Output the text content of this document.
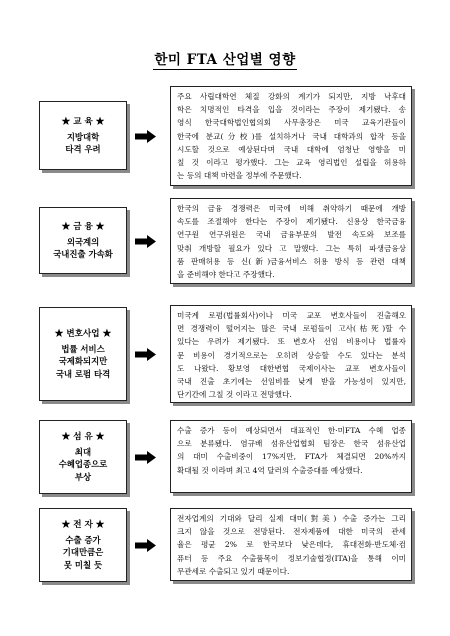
한미 FTA 산업별 영향
★ 교 육 ★
지방대학
타격 우려
주요 사립대학연 체질 강화의 계기가 되지만, 지방 낙후대
학은 치명적인 타격을 입을 것이라는 주장이 제기됐다. 송
영식 한국대학법인협의회 사무총장은 미국 교육기관들이
한국에 분교(分校)를 설치하거나 국내 대학과의 합작 등을
시도할 것으로 예상된다며 국내 대학에 엄청난 영향을 미
칠 것 이라고 평가했다. 그는 교육 영리법인 설립을 허용하
는 등의 대책 마련을 정부에 주문했다.
★ 금 융 ★
외국계의
국내진출 가속화
한국의 금융 경쟁력은 미국에 비해 취약하기 때문에 개방
속도를 조절해야 한다는 주장이 제기됐다. 신용상 한국금융
연구원 연구위원은 국내 금융부문의 발전 속도와 보조를
맞춰 개방할 필요가 있다 고 말했다. 그는 특히 파생금융상
품 판매허용 등 신(新)금융서비스 허용 방식 등 관련 대책
을 준비해야 한다고 주장했다.
★ 변호사업 ★
법률 서비스
국제화되지만
국내 로펌 타격
미국계 로펌(법률회사)이나 미국 교포 변호사들이 진출해오
면 경쟁력이 떨어지는 많은 국내 로펌들이 고사(枯死)할 수
있다는 우려가 제기됐다. 또 변호사 선임 비용이나 법률자
문 비용이 경기적으로는 오히려 상승할 수도 있다는 분석
도 나왔다. 황보영 대한변협 국제이사는 교포 변호사들이
국내 진출 초기에는 선임비를 낮게 받을 가능성이 있지만,
단기간에 그칠 것 이라고 전망했다.
★ 섬 유 ★
최대
수혜업종으로
부상
수출 증가 등이 예상되면서 대표적인 한·미FTA 수혜 업종
으로 분류됐다. 염규배 섬유산업협회 팀장은 한국 섬유산업
의 대미 수출비중이 17%지만, FTA가 체결되면 20%까지
확대될 것 이라며 최고 4억 달러의 수출증대를 예상했다.
★ 전 자 ★
수출 증가
기대만큼은
못 미칠 듯
전자업계의 기대와 달리 실제 대미(對美) 수출 증가는 그리
크지 않을 것으로 전망된다. 전자제품에 대한 미국의 관세
율은 평균 2% 로 한국보다 낮은데다, 휴대전화·반도체·컴
퓨터 등 주요 수출품목이 정보기술협정(ITA)을 통해 이미
무관세로 수출되고 있기 때문이다.
